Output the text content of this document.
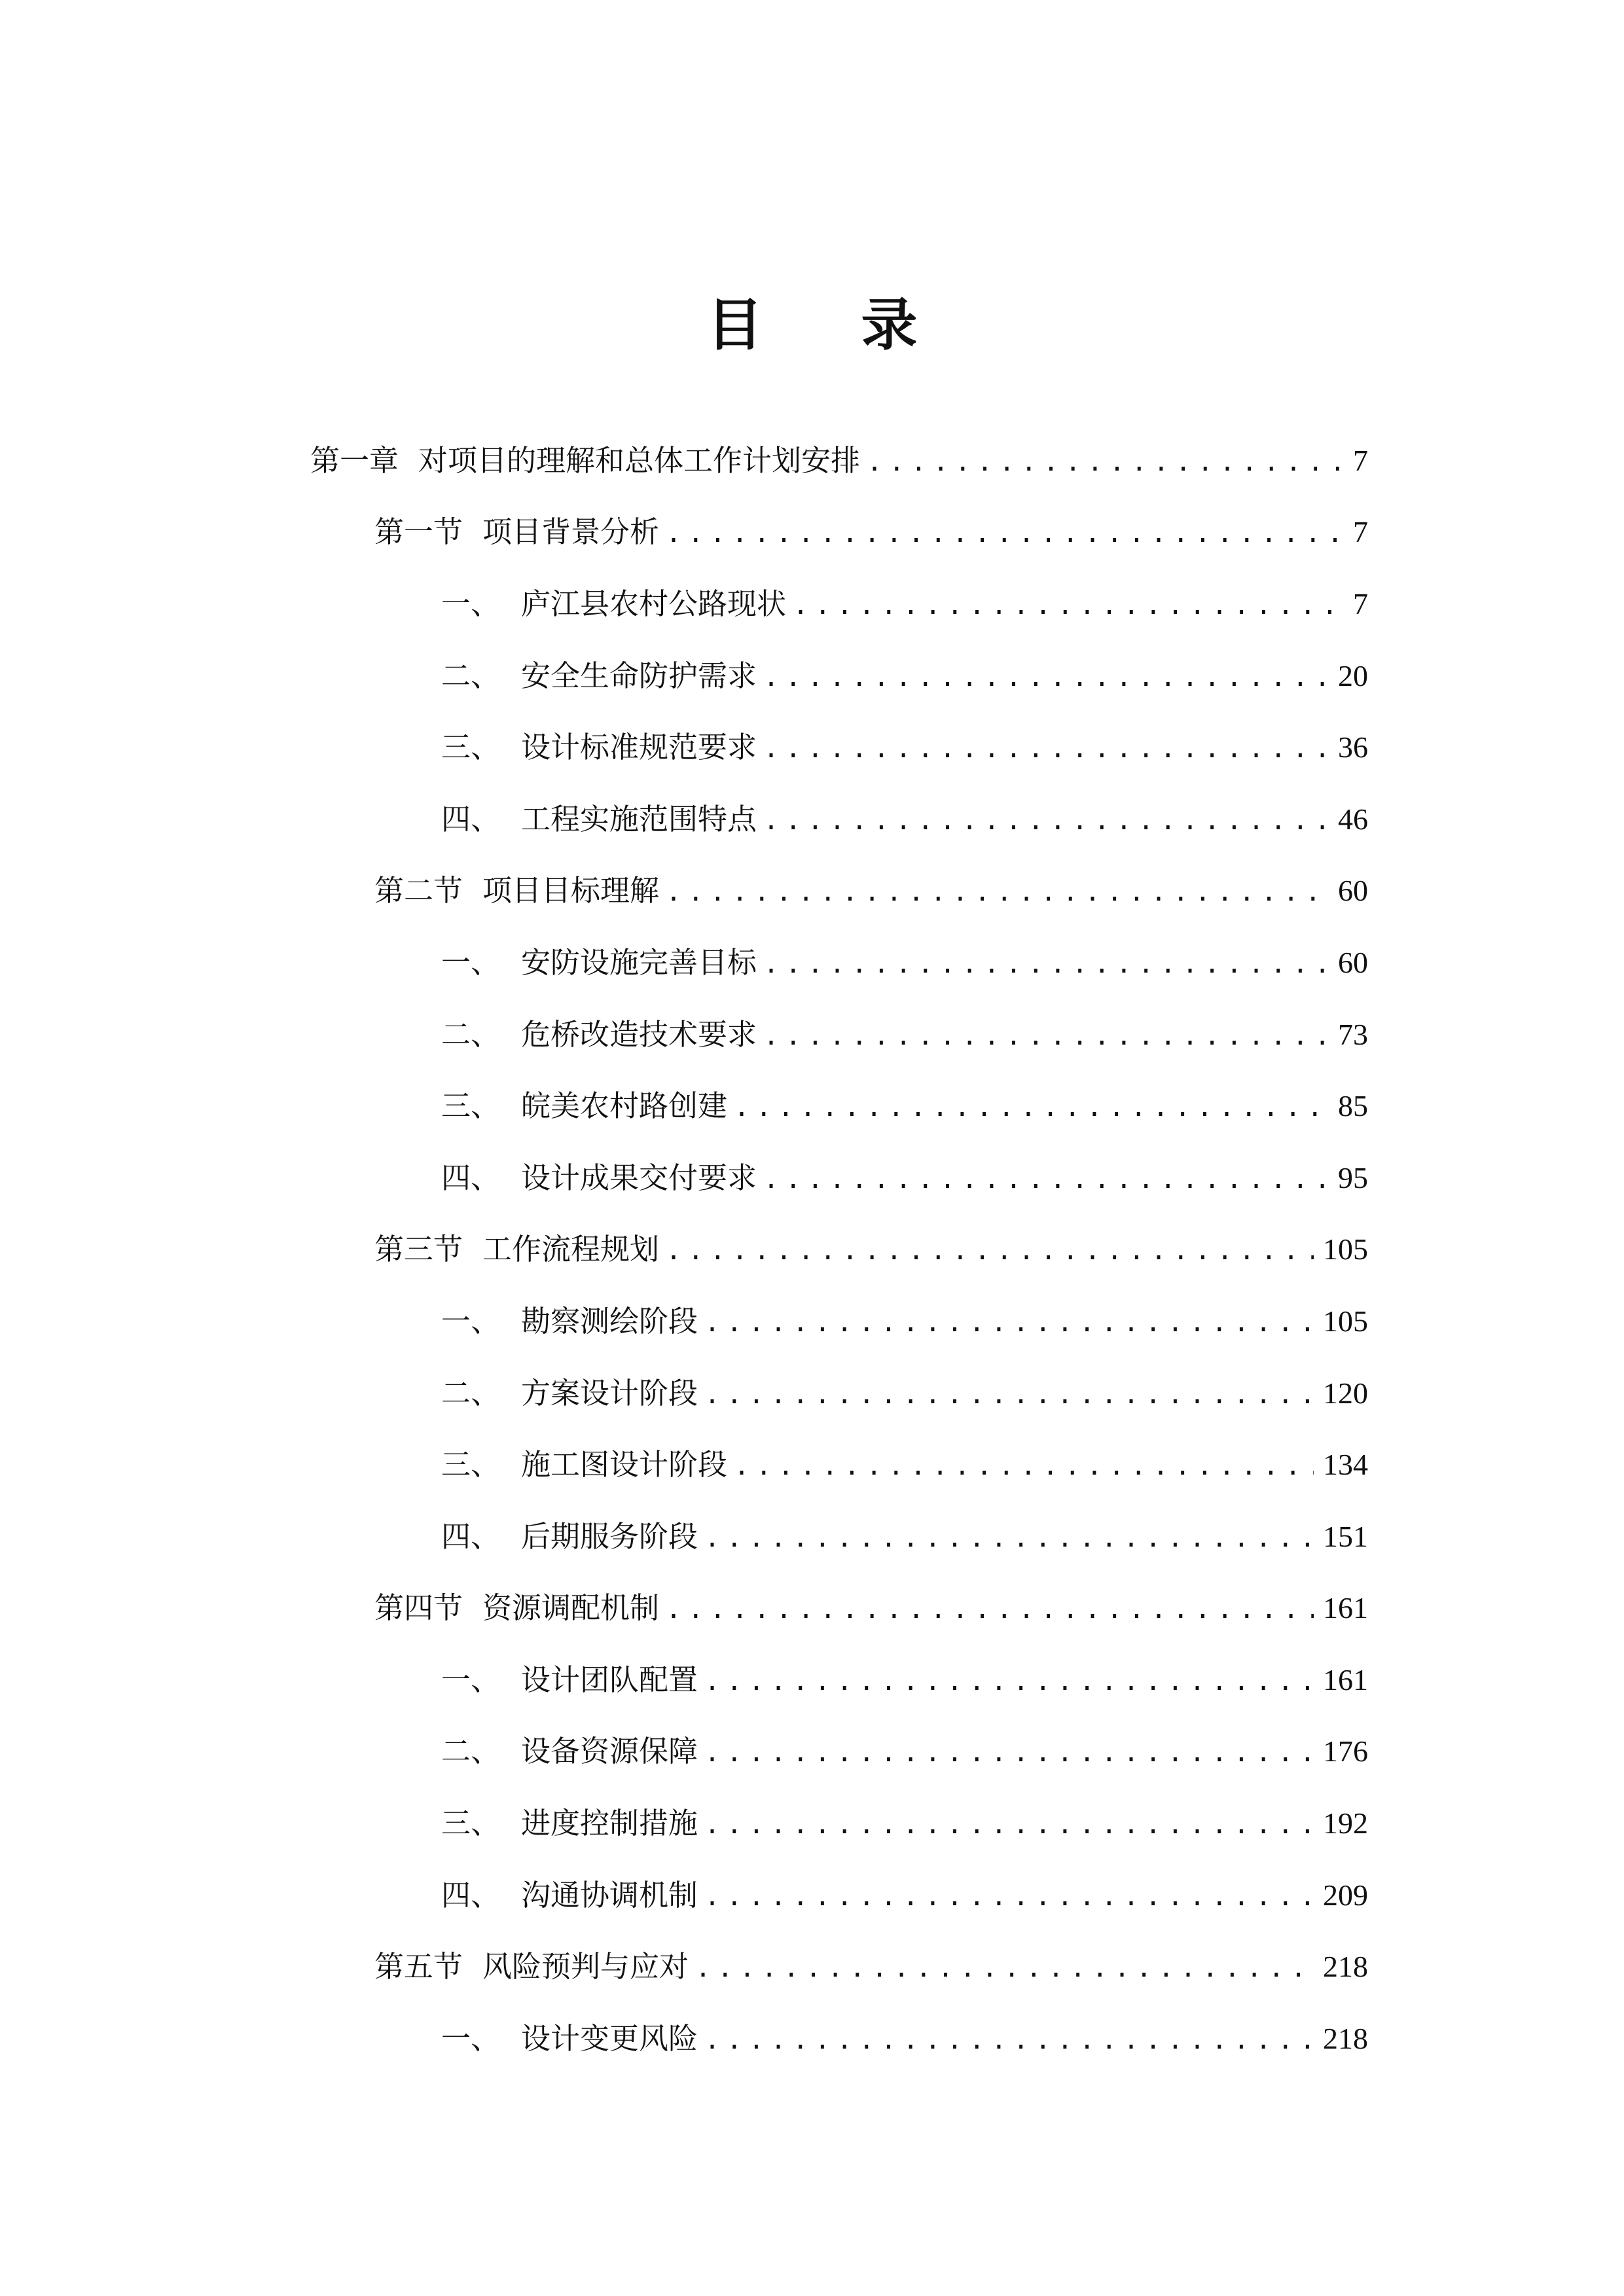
目 录
第一章 对项目的理解和总体工作计划安排 .....	7
第一节 项目背景分析 .....	7
一、 庐江县农村公路现状 .....	7
二、 安全生命防护需求 .....	20
三、 设计标准规范要求 .....	36
四、 工程实施范围特点 .....	46
第二节 项目目标理解 .....	60
一、 安防设施完善目标 .....	60
二、 危桥改造技术要求 .....	73
三、 皖美农村路创建 .....	85
四、 设计成果交付要求 .....	95
第三节 工作流程规划 .....	105
一、 勘察测绘阶段 .....	105
二、 方案设计阶段 .....	120
三、 施工图设计阶段 .....	134
四、 后期服务阶段 .....	151
第四节 资源调配机制 .....	161
一、 设计团队配置 .....	161
二、 设备资源保障 .....	176
三、 进度控制措施 .....	192
四、 沟通协调机制 .....	209
第五节 风险预判与应对 .....	218
一、 设计变更风险 .....	218
